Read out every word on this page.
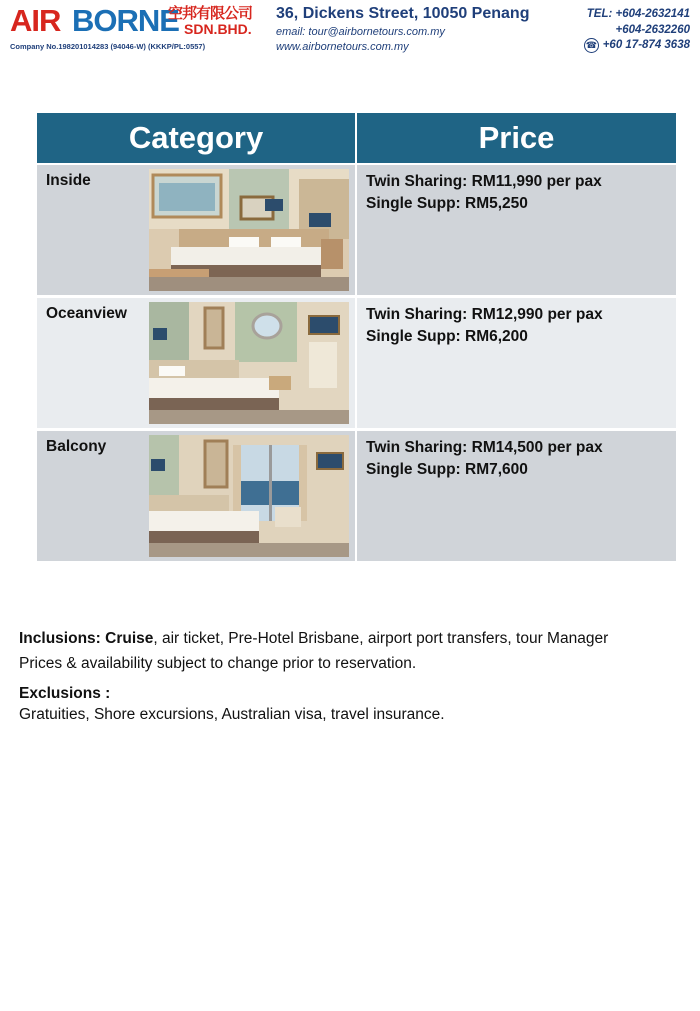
AIR BORNE
空邦有限公司
SDN.BHD.
Company No.198201014283 (94046-W) (KKKP/PL:0557)
36, Dickens Street, 10050 Penang
email: tour@airbornetours.com.my
www.airbornetours.com.my
TEL: +604-2632141
+604-2632260
☎
+60 17-874 3638
Category	Price
Inside	Twin Sharing: RM11,990 per pax
Single Supp: RM5,250
Oceanview	Twin Sharing: RM12,990 per pax
Single Supp: RM6,200
Balcony	Twin Sharing: RM14,500 per pax
Single Supp: RM7,600
Inclusions: Cruise, air ticket, Pre-Hotel Brisbane, airport port transfers, tour Manager
Prices & availability subject to change prior to reservation.
Exclusions :
Gratuities, Shore excursions, Australian visa, travel insurance.
